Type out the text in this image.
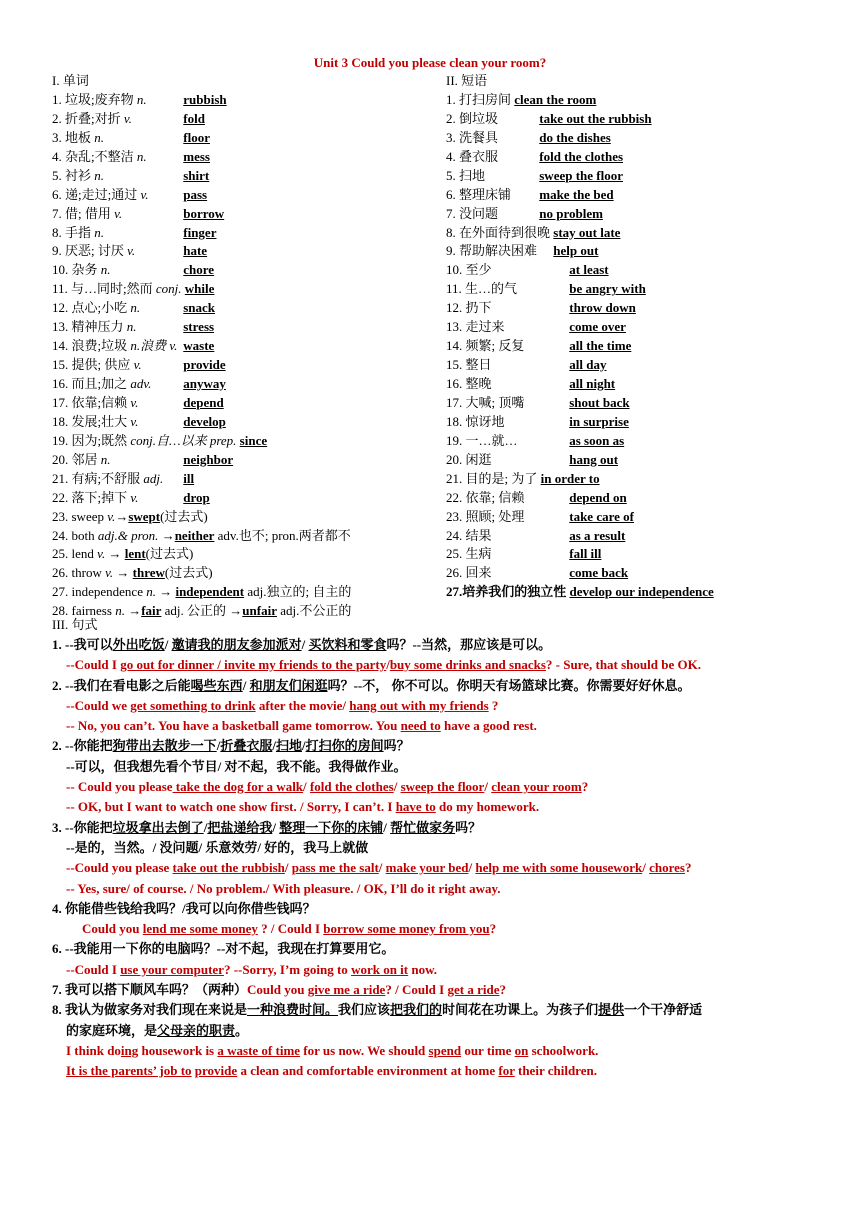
Unit 3 Could you please clean your room?
I. 单词
1. 垃圾;废弃物 n.	rubbish
2. 折叠;对折 v.	fold
3. 地板 n.	floor
4. 杂乱;不整洁 n.	mess
5. 衬衫 n.	shirt
6. 递;走过;通过 v.	pass
7. 借; 借用 v.	borrow
8. 手指 n.	finger
9. 厌恶; 讨厌 v.	hate
10. 杂务 n.	chore
11. 与…同时;然而 conj. while
12. 点心;小吃 n.	snack
13. 精神压力 n.	stress
14. 浪费;垃圾 n.浪费 v. waste
15. 提供; 供应 v.	provide
16. 而且;加之 adv. anyway
17. 依靠;信赖 v.	depend
18. 发展;壮大 v.	develop
19. 因为;既然 conj.自…以来 prep. since
20. 邻居 n.	neighbor
21. 有病;不舒服 adj. ill
22. 落下;掉下 v.	drop
23. sweep v.→swept(过去式)
24. both adj.& pron. →neither adv.也不; pron.两者都不
25. lend v. → lent(过去式)
26. throw v. → threw(过去式)
27. independence n. → independent adj.独立的; 自主的
28. fairness n. →fair adj. 公正的 →unfair adj.不公正的
II. 短语
1. 打扫房间 clean the room
2. 倒垃圾	take out the rubbish
3. 洗餐具	do the dishes
4. 叠衣服	fold the clothes
5. 扫地	sweep the floor
6. 整理床铺 make the bed
7. 没问题	no problem
8. 在外面待到很晚 stay out late
9. 帮助解决困难 help out
10. 至少	at least
11. 生…的气	be angry with
12. 扔下	throw down
13. 走过来	come over
14. 频繁; 反复	all the time
15. 整日	all day
16. 整晚	all night
17. 大喊; 顶嘴	shout back
18. 惊讶地	in surprise
19. 一…就…	as soon as
20. 闲逛	hang out
21. 目的是; 为了 in order to
22. 依靠; 信赖	depend on
23. 照顾; 处理	take care of
24. 结果	as a result
25. 生病	fall ill
26. 回来	come back
27.培养我们的独立性 develop our independence
III. 句式
1. --我可以外出吃饭/ 邀请我的朋友参加派对/ 买饮料和零食吗？--当然，那应该是可以。
--Could I go out for dinner / invite my friends to the party/buy some drinks and snacks? - Sure, that should be OK.
2. --我们在看电影之后能喝些东西/ 和朋友们闲逛吗？--不， 你不可以。你明天有场篮球比赛。你需要好好休息。
--Could we get something to drink after the movie/ hang out with my friends ?
-- No, you can’t. You have a basketball game tomorrow. You need to have a good rest.
2. --你能把狗带出去散步一下/折叠衣服/扫地/打扫你的房间吗？
--可以，但我想先看个节目/ 对不起，我不能。我得做作业。
-- Could you please take the dog for a walk/ fold the clothes/ sweep the floor/ clean your room?
-- OK, but I want to watch one show first. / Sorry, I can’t. I have to do my homework.
3. --你能把垃圾拿出去倒了/把盐递给我/ 整理一下你的床铺/ 帮忙做家务吗？
--是的，当然。/ 没问题/ 乐意效劳/ 好的，我马上就做
--Could you please take out the rubbish/ pass me the salt/ make your bed/ help me with some housework/ chores?
-- Yes, sure/ of course. / No problem./ With pleasure. / OK, I’ll do it right away.
4. 你能借些钱给我吗？/我可以向你借些钱吗？
Could you lend me some money ? / Could I borrow some money from you?
6. --我能用一下你的电脑吗？--对不起，我现在打算要用它。
--Could I use your computer? --Sorry, I’m going to work on it now.
7. 我可以搭下顺风车吗？（两种）Could you give me a ride? / Could I get a ride?
8. 我认为做家务对我们现在来说是一种浪费时间。我们应该把我们的时间花在功课上。为孩子们提供一个干净舒适
的家庭环境，是父母亲的职责。
I think doing housework is a waste of time for us now. We should spend our time on schoolwork.
It is the parents’ job to provide a clean and comfortable environment at home for their children.
